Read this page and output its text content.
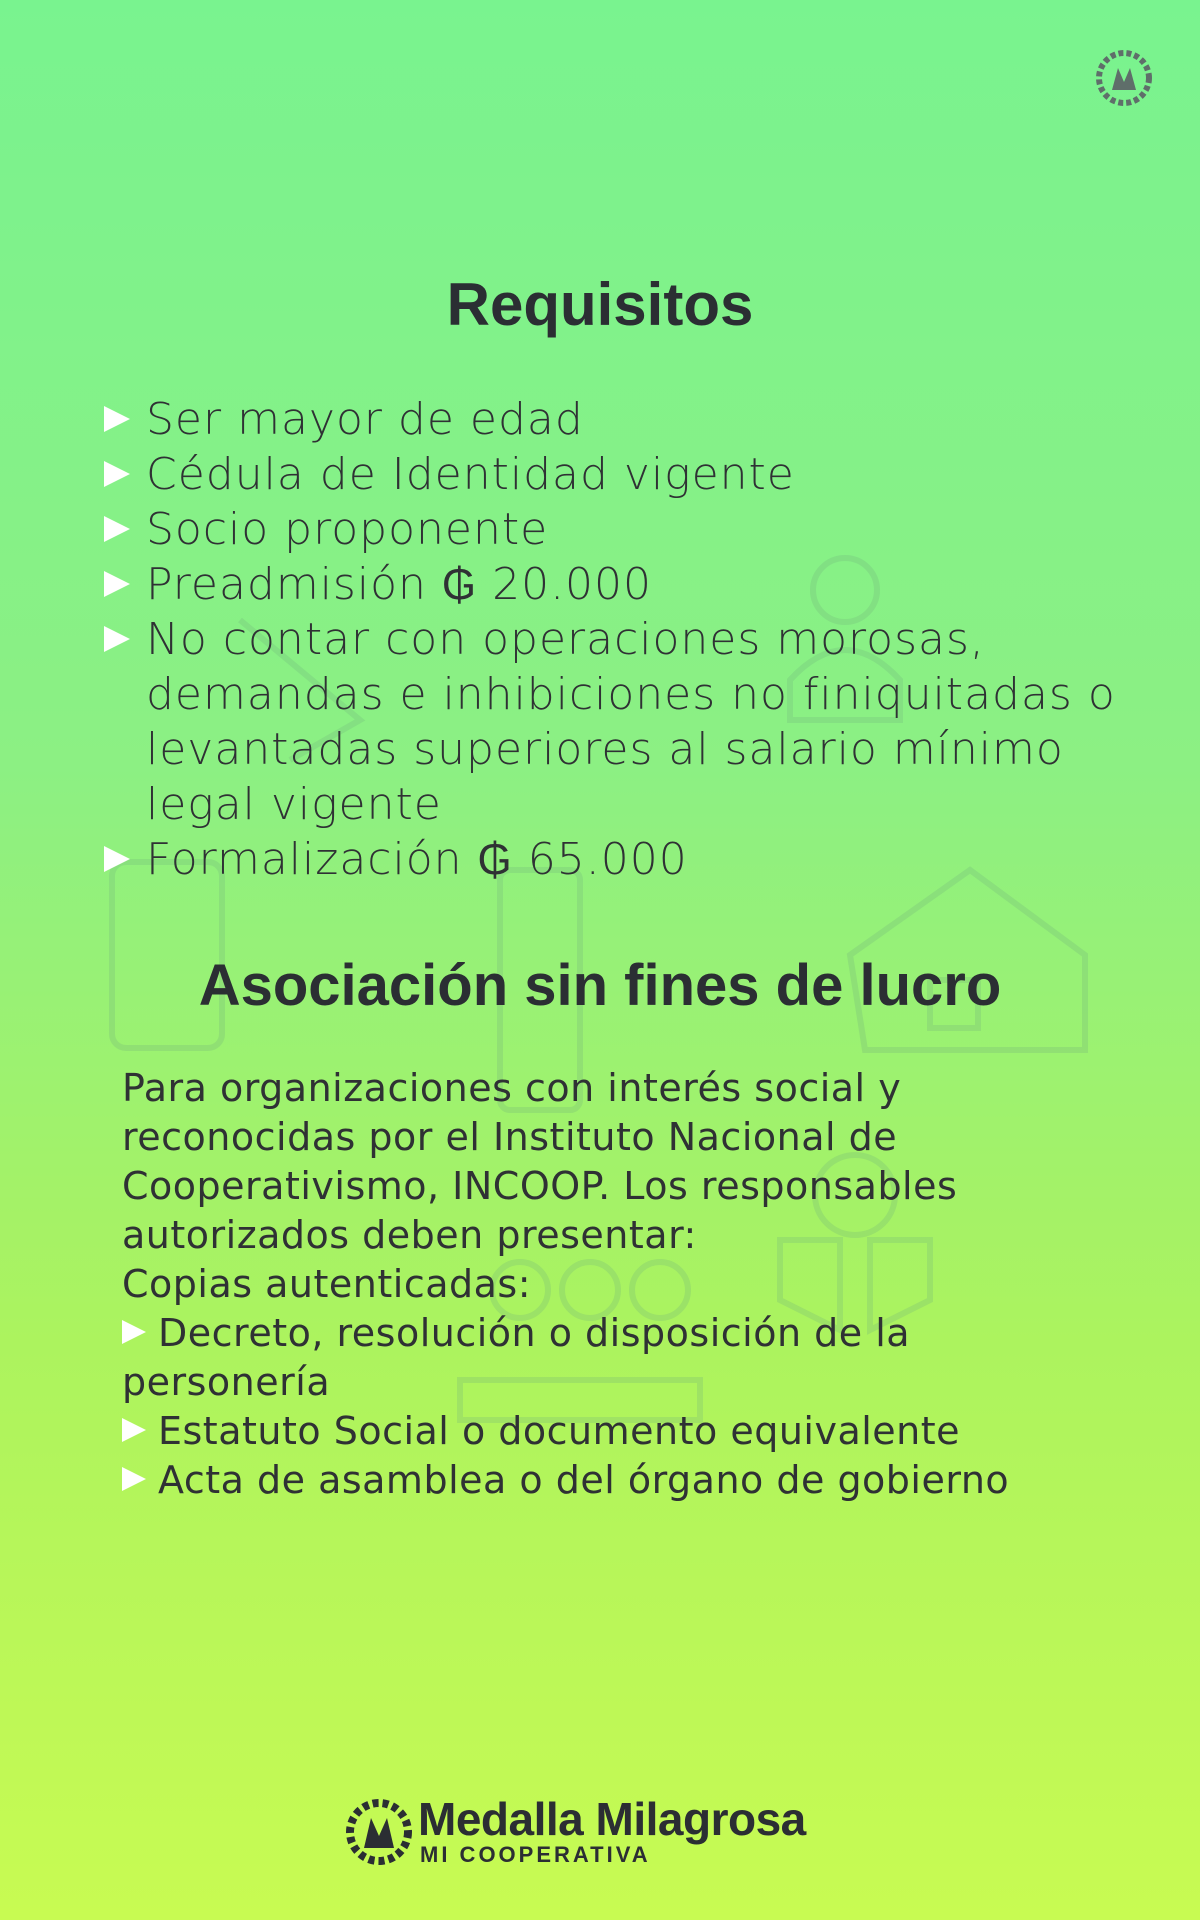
Requisitos
Ser mayor de edad
Cédula de Identidad vigente
Socio proponente
Preadmisión ₲ 20.000
No contar con operaciones morosas, demandas e inhibiciones no finiquitadas o levantadas superiores al salario mínimo legal vigente
Formalización ₲ 65.000
Asociación sin fines de lucro

Para organizaciones con interés social y reconocidas por el Instituto Nacional de Cooperativismo, INCOOP. Los responsables autorizados deben presentar:

Copias autenticadas:

Decreto, resolución o disposición de la personería
Estatuto Social o documento equivalente
Acta de asamblea o del órgano de gobierno
Medalla Milagrosa
MI COOPERATIVA
